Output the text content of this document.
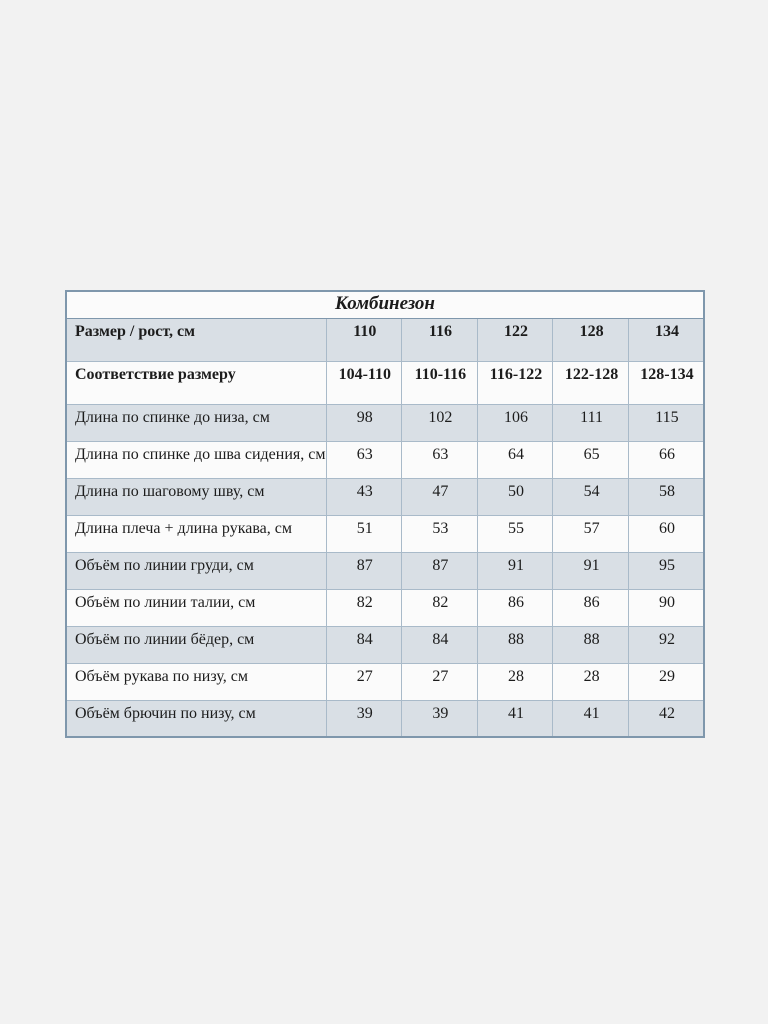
Комбинезон					
Размер / рост, см	110	116	122	128	134
Соответствие размеру	104-110	110-116	116-122	122-128	128-134
Длина по спинке до низа, см	98	102	106	111	115
Длина по спинке до шва сидения, см	63	63	64	65	66
Длина по шаговому шву, см	43	47	50	54	58
Длина плеча + длина рукава, см	51	53	55	57	60
Объём по линии груди, см	87	87	91	91	95
Объём по линии талии, см	82	82	86	86	90
Объём по линии бёдер, см	84	84	88	88	92
Объём рукава по низу, см	27	27	28	28	29
Объём брючин по низу, см	39	39	41	41	42
